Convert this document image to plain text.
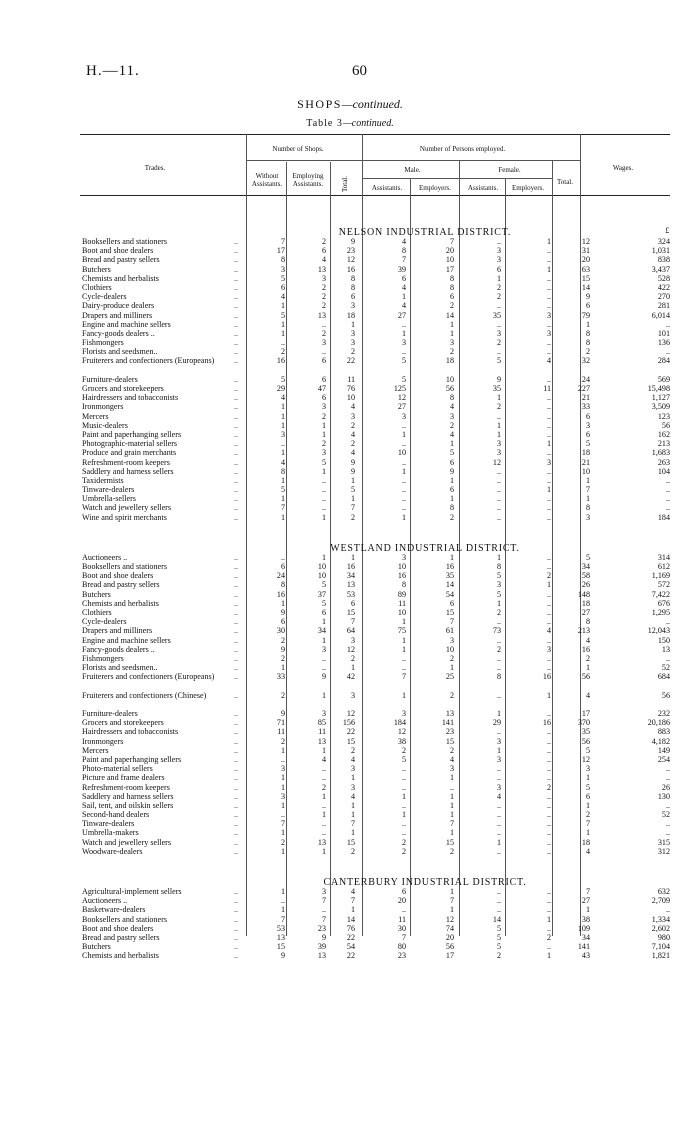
H.—11.	60
SHOPS—continued.
Table 3—continued.
Trades.
Number of Shops.	Number of Persons employed.
Without Assistants.
Employing Assistants.	Total.
Male.	Female.
Assistants.	Employers.	Assistants.	Employers.
Total.
Wages.
NELSON INDUSTRIAL DISTRICT.	£
Booksellers and stationers	..	7	2	9	4	7	..	1	12	324
Boot and shoe dealers	..	17	6	23	8	20	3	..	31	1,031
Bread and pastry sellers	..	8	4	12	7	10	3	..	20	838
Butchers	..	3	13	16	39	17	6	1	63	3,437
Chemists and herbalists	..	5	3	8	6	8	1	..	15	528
Clothiers	..	6	2	8	4	8	2	..	14	422
Cycle-dealers	..	4	2	6	1	6	2	..	9	270
Dairy-produce dealers	..	1	2	3	4	2	..	..	6	281
Drapers and milliners	..	5	13	18	27	14	35	3	79	6,014
Engine and machine sellers	..	1	..	1	..	1	..	..	1	..
Fancy-goods dealers ..	..	1	2	3	1	1	3	3	8	101
Fishmongers	..	..	3	3	3	3	2	..	8	136
Florists and seedsmen..	..	2	..	2	..	2	..	..	2	..
Fruiterers and confectioners (Europeans)	..	16	6	22	5	18	5	4	32	284
Furniture-dealers	..	5	6	11	5	10	9	..	24	569
Grocers and storekeepers	..	29	47	76	125	56	35	11	227	15,498
Hairdressers and tobacconists	..	4	6	10	12	8	1	..	21	1,127
Ironmongers	..	1	3	4	27	4	2	..	33	3,509
Mercers	..	1	2	3	3	3	..	..	6	123
Music-dealers	..	1	1	2	..	2	1	..	3	56
Paint and paperhanging sellers	..	3	1	4	1	4	1	..	6	162
Photographic-material sellers	..	..	2	2	..	1	3	1	5	213
Produce and grain merchants	..	1	3	4	10	5	3	..	18	1,683
Refreshment-room keepers	..	4	5	9	..	6	12	3	21	263
Saddlery and harness sellers	..	8	1	9	1	9	..	..	10	104
Taxidermists	..	1	..	1	..	1	..	..	1	..
Tinware-dealers	..	5	..	5	..	6	..	1	7	..
Umbrella-sellers	..	1	..	1	..	1	..	..	1	..
Watch and jewellery sellers	..	7	..	7	..	8	..	..	8	..
Wine and spirit merchants	..	1	1	2	1	2	..	..	3	184
WESTLAND INDUSTRIAL DISTRICT.
Auctioneers ..	..	..	1	1	3	1	1	..	5	314
Booksellers and stationers	..	6	10	16	10	16	8	..	34	612
Boot and shoe dealers	..	24	10	34	16	35	5	2	58	1,169
Bread and pastry sellers	..	8	5	13	8	14	3	1	26	572
Butchers	..	16	37	53	89	54	5	..	148	7,422
Chemists and herbalists	..	1	5	6	11	6	1	..	18	676
Clothiers	..	9	6	15	10	15	2	..	27	1,295
Cycle-dealers	..	6	1	7	1	7	..	..	8	..
Drapers and milliners	..	30	34	64	75	61	73	4	213	12,043
Engine and machine sellers	..	2	1	3	1	3	..	..	4	150
Fancy-goods dealers ..	..	9	3	12	1	10	2	3	16	13
Fishmongers	..	2	..	2	..	2	..	..	2	..
Florists and seedsmen..	..	1	..	1	..	1	..	..	1	52
Fruiterers and confectioners (Europeans)	..	33	9	42	7	25	8	16	56	684
Fruiterers and confectioners (Chinese)	..	2	1	3	1	2	..	1	4	56
Furniture-dealers	..	9	3	12	3	13	1	..	17	232
Grocers and storekeepers	..	71	85 156	184	141	29	16	370	20,186
Hairdressers and tobacconists	..	11	11	22	12	23	..	..	35	883
Ironmongers	..	2	13	15	38	15	3	..	56	4,182
Mercers	..	1	1	2	2	2	1	..	5	149
Paint and paperhanging sellers	..	..	4	4	5	4	3	..	12	254
Photo-material sellers	..	3	..	3	..	3	..	..	3	..
Picture and frame dealers	..	1	..	1	..	1	..	..	1	..
Refreshment-room keepers	..	1	2	3	..	..	3	2	5	26
Saddlery and harness sellers	..	3	1	4	1	1	4	..	6	130
Sail, tent, and oilskin sellers	..	1	..	1	..	1	..	..	1	..
Second-hand dealers	..	..	1	1	1	1	..	..	2	52
Tinware-dealers	..	7	..	7	..	7	..	..	7	..
Umbrella-makers	..	1	..	1	..	1	..	..	1	..
Watch and jewellery sellers	..	2	13	15	2	15	1	..	18	315
Woodware-dealers	..	1	1	2	2	2	..	..	4	312
CANTERBURY INDUSTRIAL DISTRICT.
Agricultural-implement sellers	..	1	3	4	6	1	..	..	7	632
Auctioneers ..	..	..	7	7	20	7	..	..	27	2,709
Basketware-dealers	..	1	..	1	..	1	..	..	1	..
Booksellers and stationers	..	7	7	14	11	12	14	1	38	1,334
Boot and shoe dealers	..	53	23	76	30	74	5	..	109	2,602
Bread and pastry sellers	..	13	9	22	7	20	5	2	34	980
Butchers	..	15	39	54	80	56	5	..	141	7,104
Chemists and herbalists	..	9	13	22	23	17	2	1	43	1,821
